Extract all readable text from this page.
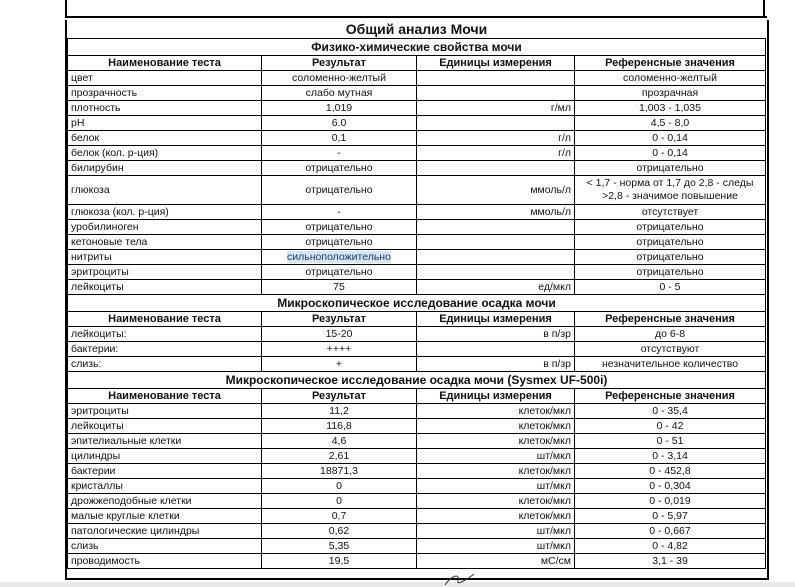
Общий анализ Мочи			
Физико-химические свойства мочи			
Наименование теста	Результат	Единицы измерения	Референсные значения
цвет	соломенно-желтый		соломенно-желтый
прозрачность	слабо мутная		прозрачная
плотность	1,019	г/мл	1,003 - 1,035
pH	6.0		4,5 - 8,0
белок	0,1	г/л	0 - 0,14
белок (кол. р-ция)	-	г/л	0 - 0,14
билирубин	отрицательно		отрицательно
глюкоза	отрицательно	ммоль/л	< 1,7 - норма от 1,7 до 2,8 - следы >2,8 - значимое повышение
глюкоза (кол. р-ция)	-	ммоль/л	отсутствует
уробилиноген	отрицательно		отрицательно
кетоновые тела	отрицательно		отрицательно
нитриты	сильноположительно		отрицательно
эритроциты	отрицательно		отрицательно
лейкоциты	75	ед/мкл	0 - 5
Микроскопическое исследование осадка мочи			
Наименование теста	Результат	Единицы измерения	Референсные значения
лейкоциты:	15-20	в п/зр	до 6-8
бактерии:	++++		отсутствуют
слизь:	+	в п/зр	незначительное количество
Микроскопическое исследование осадка мочи (Sysmex UF-500i)			
Наименование теста	Результат	Единицы измерения	Референсные значения
эритроциты	11,2	клеток/мкл	0 - 35,4
лейкоциты	116,8	клеток/мкл	0 - 42
эпителиальные клетки	4,6	клеток/мкл	0 - 51
цилиндры	2,61	шт/мкл	0 - 3,14
бактерии	18871,3	клеток/мкл	0 - 452,8
кристаллы	0	шт/мкл	0 - 0,304
дрожжеподобные клетки	0	клеток/мкл	0 - 0,019
малые круглые клетки	0,7	клеток/мкл	0 - 5,97
патологические цилиндры	0,62	шт/мкл	0 - 0,667
слизь	5,35	шт/мкл	0 - 4,82
проводимость	19,5	мС/см	3,1 - 39
